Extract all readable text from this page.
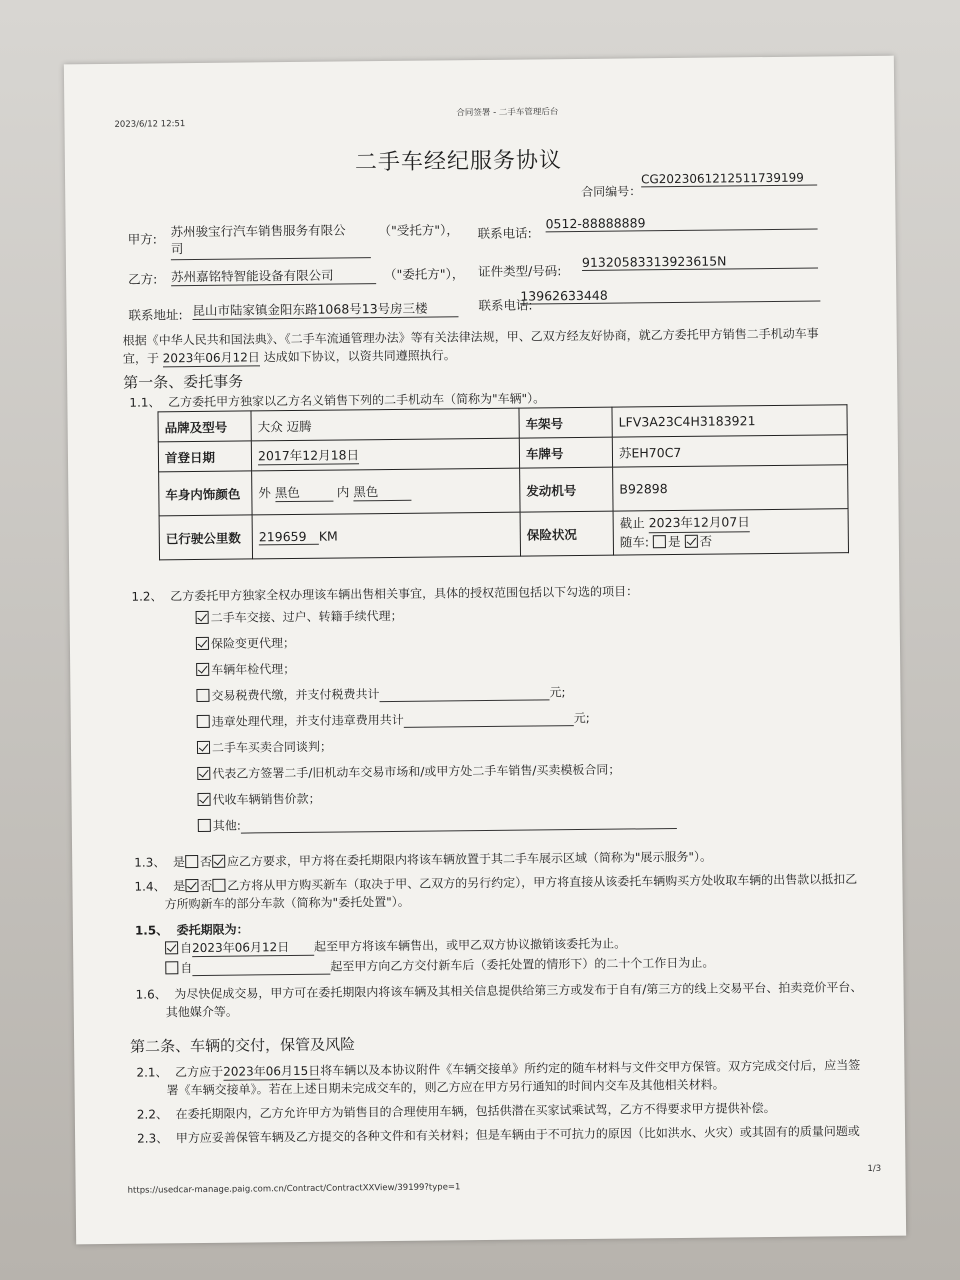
2023/6/12 12:51
合同签署 - 二手车管理后台
二手车经纪服务协议
合同编号：
CG2023061212511739199
甲方: 苏州骏宝行汽车销售服务有限公
司
（"受托方"）， 联系电话:
0512-88888889
乙方: 苏州嘉铭特智能设备有限公司	（"委托方"）， 证件类型/号码:
91320583313923615N
联系地址: 昆山市陆家镇金阳东路1068号13号房三楼	联系电话:
13962633448
根据《中华人民共和国法典》、《二手车流通管理办法》等有关法律法规，甲、乙双方经友好协商，就乙方委托甲方销售二手机动车事
宜，于 2023年06月12日 达成如下协议，以资共同遵照执行。
第一条、委托事务
1.1、 乙方委托甲方独家以乙方名义销售下列的二手机动车（简称为"车辆"）。
品牌及型号	大众 迈腾	车架号	LFV3A23C4H3183921
首登日期	2017年12月18日	车牌号	苏EH70C7
车身内饰颜色	外 黑色 内 黑色	发动机号	B92898
已行驶公里数	219659 KM	保险状况	截止 2023年12月07日
随车: 是 否
1.2、 乙方委托甲方独家全权办理该车辆出售相关事宜，具体的授权范围包括以下勾选的项目：
二手车交接、过户、转籍手续代理；
保险变更代理；
车辆年检代理；
交易税费代缴，并支付税费共计	元;
违章处理代理，并支付违章费用共计	元;
二手车买卖合同谈判；
代表乙方签署二手/旧机动车交易市场和/或甲方处二手车销售/买卖模板合同；
代收车辆销售价款；
其他:
1.3、 是 否 应乙方要求，甲方将在委托期限内将该车辆放置于其二手车展示区域（简称为"展示服务"）。
1.4、 是 否 乙方将从甲方购买新车（取决于甲、乙双方的另行约定），甲方将直接从该委托车辆购买方处收取车辆的出售款以抵扣乙
方所购新车的部分车款（简称为"委托处置"）。
1.5、 委托期限为：
自2023年06月12日 起至甲方将该车辆售出，或甲乙双方协议撤销该委托为止。
自	起至甲方向乙方交付新车后（委托处置的情形下）的二十个工作日为止。
1.6、 为尽快促成交易，甲方可在委托期限内将该车辆及其相关信息提供给第三方或发布于自有/第三方的线上交易平台、拍卖竞价平台、
其他媒介等。
第二条、车辆的交付，保管及风险
2.1、 乙方应于2023年06月15日将车辆以及本协议附件《车辆交接单》所约定的随车材料与文件交甲方保管。双方完成交付后，应当签
署《车辆交接单》。若在上述日期未完成交车的，则乙方应在甲方另行通知的时间内交车及其他相关材料。
2.2、 在委托期限内，乙方允许甲方为销售目的合理使用车辆，包括供潜在买家试乘试驾，乙方不得要求甲方提供补偿。
2.3、 甲方应妥善保管车辆及乙方提交的各种文件和有关材料；但是车辆由于不可抗力的原因（比如洪水、火灾）或其固有的质量问题或
https://usedcar-manage.paig.com.cn/Contract/ContractXXView/39199?type=1
1/3
